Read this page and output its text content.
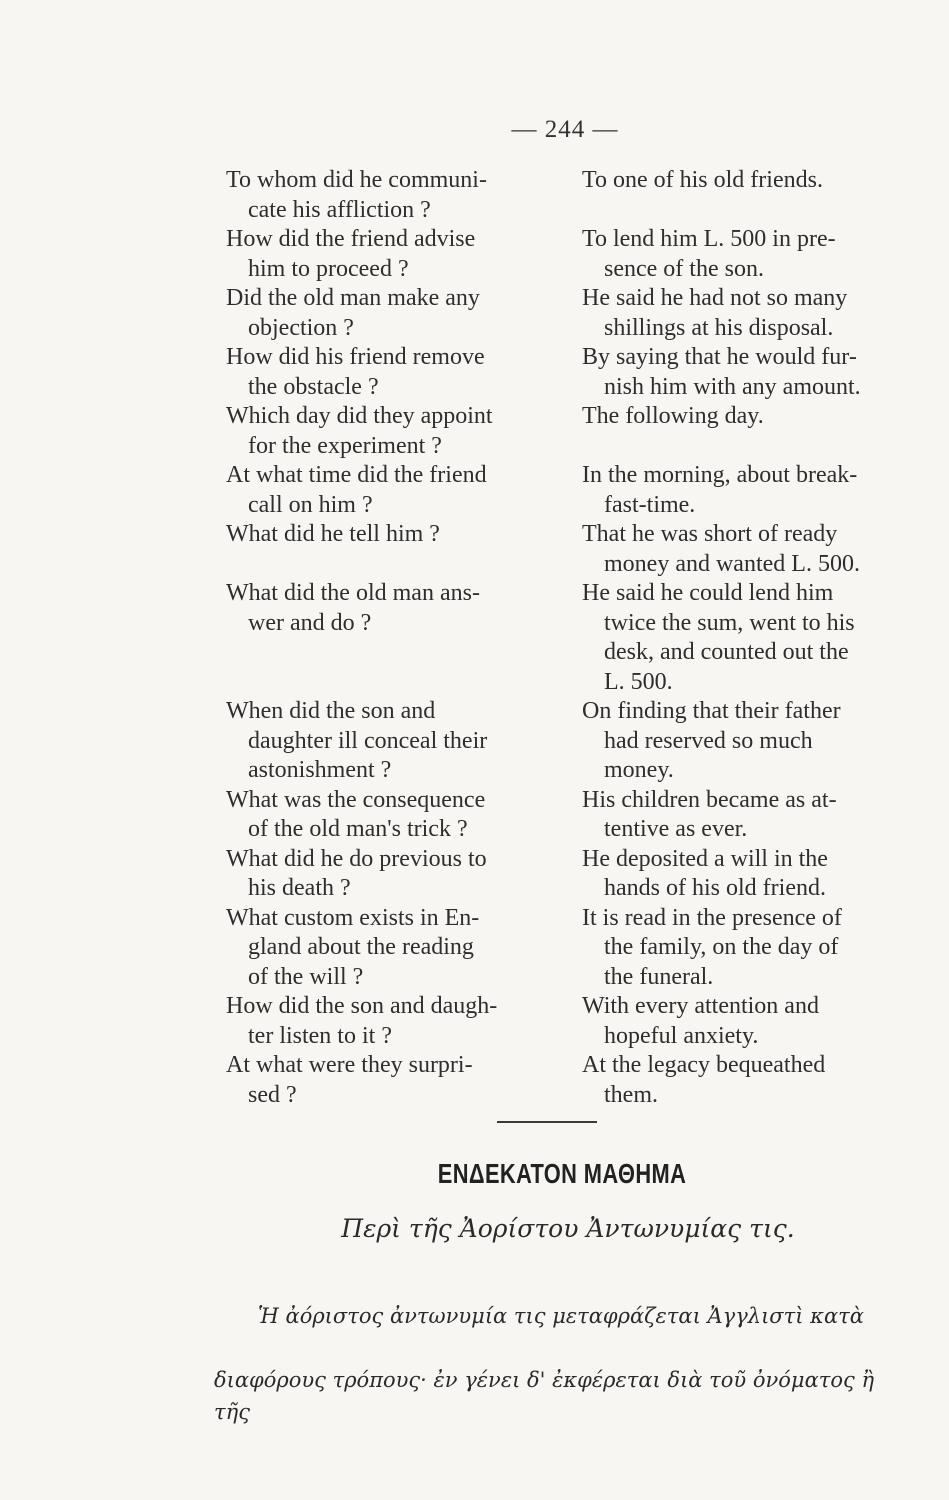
— 244 —
To whom did he communi-
cate his affliction ?
To one of his old friends.
How did the friend advise
him to proceed ?
To lend him L. 500 in pre-
sence of the son.
Did the old man make any
objection ?
He said he had not so many
shillings at his disposal.
How did his friend remove
the obstacle ?
By saying that he would fur-
nish him with any amount.
Which day did they appoint
for the experiment ?
The following day.
At what time did the friend
call on him ?
In the morning, about break-
fast-time.
What did he tell him ?	That he was short of ready
money and wanted L. 500.
What did the old man ans-
wer and do ?
He said he could lend him
twice the sum, went to his
desk, and counted out the
L. 500.
When did the son and
daughter ill conceal their
astonishment ?
On finding that their father
had reserved so much
money.
What was the consequence
of the old man's trick ?
His children became as at-
tentive as ever.
What did he do previous to
his death ?
He deposited a will in the
hands of his old friend.
What custom exists in En-
gland about the reading
of the will ?
It is read in the presence of
the family, on the day of
the funeral.
How did the son and daugh-
ter listen to it ?
With every attention and
hopeful anxiety.
At what were they surpri-
sed ?
At the legacy bequeathed
them.
ΕΝΔΕΚΑΤΟΝ ΜΑΘΗΜΑ
Περὶ τῆς Ἀορίστου Ἀντωνυμίας τις.

Ἡ ἀόριστος ἀντωνυμία τις μεταφράζεται Ἀγγλιστὶ κατὰ

διαφόρους τρόπους· ἐν γένει δ' ἐκφέρεται διὰ τοῦ ὀνόματος ἢ τῆς
